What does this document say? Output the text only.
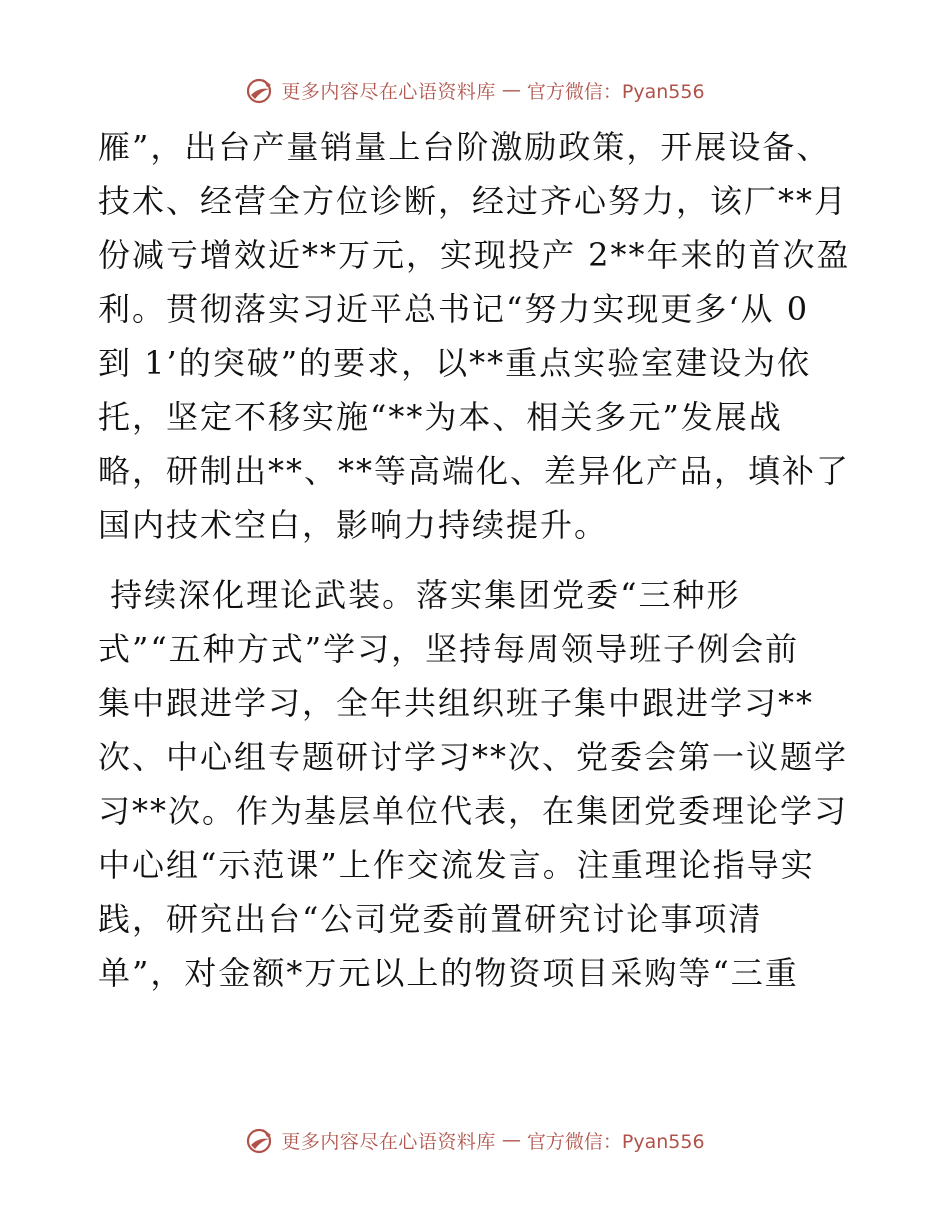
更多内容尽在心语资料库 — 官方微信：Pyan556
雁”，出台产量销量上台阶激励政策，开展设备、
技术、经营全方位诊断，经过齐心努力，该厂**月
份减亏增效近**万元，实现投产 2**年来的首次盈
利。贯彻落实习近平总书记“努力实现更多‘从 0
到 1’的突破”的要求，以**重点实验室建设为依
托，坚定不移实施“**为本、相关多元”发展战
略，研制出**、**等高端化、差异化产品，填补了
国内技术空白，影响力持续提升。
持续深化理论武装。落实集团党委“三种形
式”“五种方式”学习，坚持每周领导班子例会前
集中跟进学习，全年共组织班子集中跟进学习**
次、中心组专题研讨学习**次、党委会第一议题学
习**次。作为基层单位代表，在集团党委理论学习
中心组“示范课”上作交流发言。注重理论指导实
践，研究出台“公司党委前置研究讨论事项清
单”，对金额*万元以上的物资项目采购等“三重
更多内容尽在心语资料库 — 官方微信：Pyan556
